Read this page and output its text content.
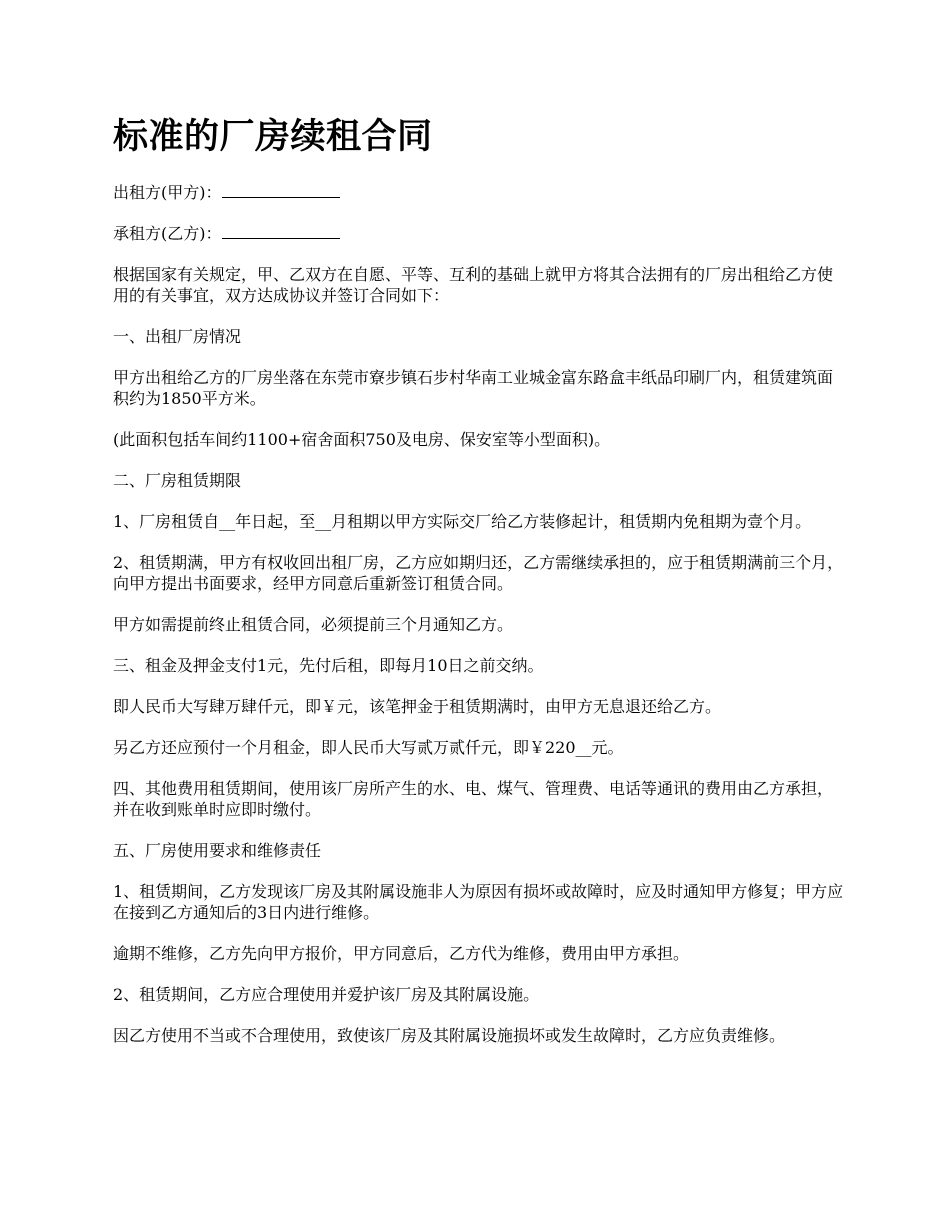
标准的厂房续租合同

出租方(甲方)：

承租方(乙方)：

根据国家有关规定，甲、乙双方在自愿、平等、互利的基础上就甲方将其合法拥有的厂房出租给乙方使用的有关事宜，双方达成协议并签订合同如下：

一、出租厂房情况

甲方出租给乙方的厂房坐落在东莞市寮步镇石步村华南工业城金富东路盒丰纸品印刷厂内，租赁建筑面积约为1850平方米。

(此面积包括车间约1100+宿舍面积750及电房、保安室等小型面积)。

二、厂房租赁期限

1、厂房租赁自__年日起，至__月租期以甲方实际交厂给乙方装修起计，租赁期内免租期为壹个月。

2、租赁期满，甲方有权收回出租厂房，乙方应如期归还，乙方需继续承担的，应于租赁期满前三个月，向甲方提出书面要求，经甲方同意后重新签订租赁合同。

甲方如需提前终止租赁合同，必须提前三个月通知乙方。

三、租金及押金支付1元，先付后租，即每月10日之前交纳。

即人民币大写肆万肆仟元，即￥元，该笔押金于租赁期满时，由甲方无息退还给乙方。

另乙方还应预付一个月租金，即人民币大写贰万贰仟元，即￥220__元。

四、其他费用租赁期间，使用该厂房所产生的水、电、煤气、管理费、电话等通讯的费用由乙方承担，并在收到账单时应即时缴付。

五、厂房使用要求和维修责任

1、租赁期间，乙方发现该厂房及其附属设施非人为原因有损坏或故障时，应及时通知甲方修复；甲方应在接到乙方通知后的3日内进行维修。

逾期不维修，乙方先向甲方报价，甲方同意后，乙方代为维修，费用由甲方承担。

2、租赁期间，乙方应合理使用并爱护该厂房及其附属设施。

因乙方使用不当或不合理使用，致使该厂房及其附属设施损坏或发生故障时，乙方应负责维修。
